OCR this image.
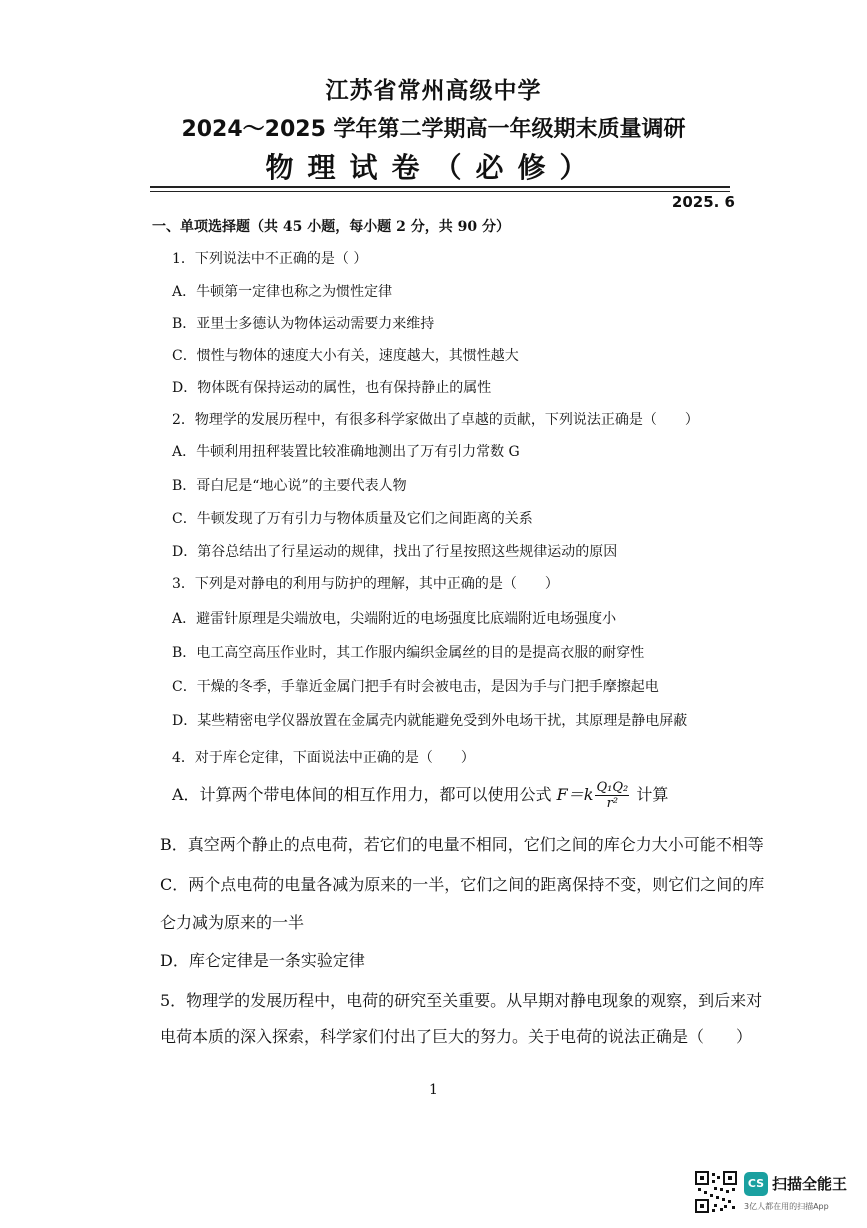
江苏省常州高级中学
2024～2025 学年第二学期高一年级期末质量调研
物理试卷（必修）
2025. 6
一、单项选择题（共 45 小题，每小题 2 分，共 90 分）
1．下列说法中不正确的是（ ）
A．牛顿第一定律也称之为惯性定律
B．亚里士多德认为物体运动需要力来维持
C．惯性与物体的速度大小有关，速度越大，其惯性越大
D．物体既有保持运动的属性，也有保持静止的属性
2．物理学的发展历程中，有很多科学家做出了卓越的贡献，下列说法正确是（　　）
A．牛顿利用扭秤装置比较准确地测出了万有引力常数 G
B．哥白尼是“地心说”的主要代表人物
C．牛顿发现了万有引力与物体质量及它们之间距离的关系
D．第谷总结出了行星运动的规律，找出了行星按照这些规律运动的原因
3．下列是对静电的利用与防护的理解，其中正确的是（　　）
A．避雷针原理是尖端放电，尖端附近的电场强度比底端附近电场强度小
B．电工高空高压作业时，其工作服内编织金属丝的目的是提高衣服的耐穿性
C．干燥的冬季，手靠近金属门把手有时会被电击，是因为手与门把手摩擦起电
D．某些精密电学仪器放置在金属壳内就能避免受到外电场干扰，其原理是静电屏蔽
4．对于库仑定律，下面说法中正确的是（　　）
A．计算两个带电体间的相互作用力，都可以使用公式 $F=k \frac{\text{Q₁Q₂}}{\text{r²}}$ 计算
B．真空两个静止的点电荷，若它们的电量不相同，它们之间的库仑力大小可能不相等
C．两个点电荷的电量各减为原来的一半，它们之间的距离保持不变，则它们之间的库
仑力减为原来的一半
D．库仑定律是一条实验定律
5．物理学的发展历程中，电荷的研究至关重要。从早期对静电现象的观察，到后来对
电荷本质的深入探索，科学家们付出了巨大的努力。关于电荷的说法正确是（　　）
1
CS 扫描全能王
3亿人都在用的扫描App
